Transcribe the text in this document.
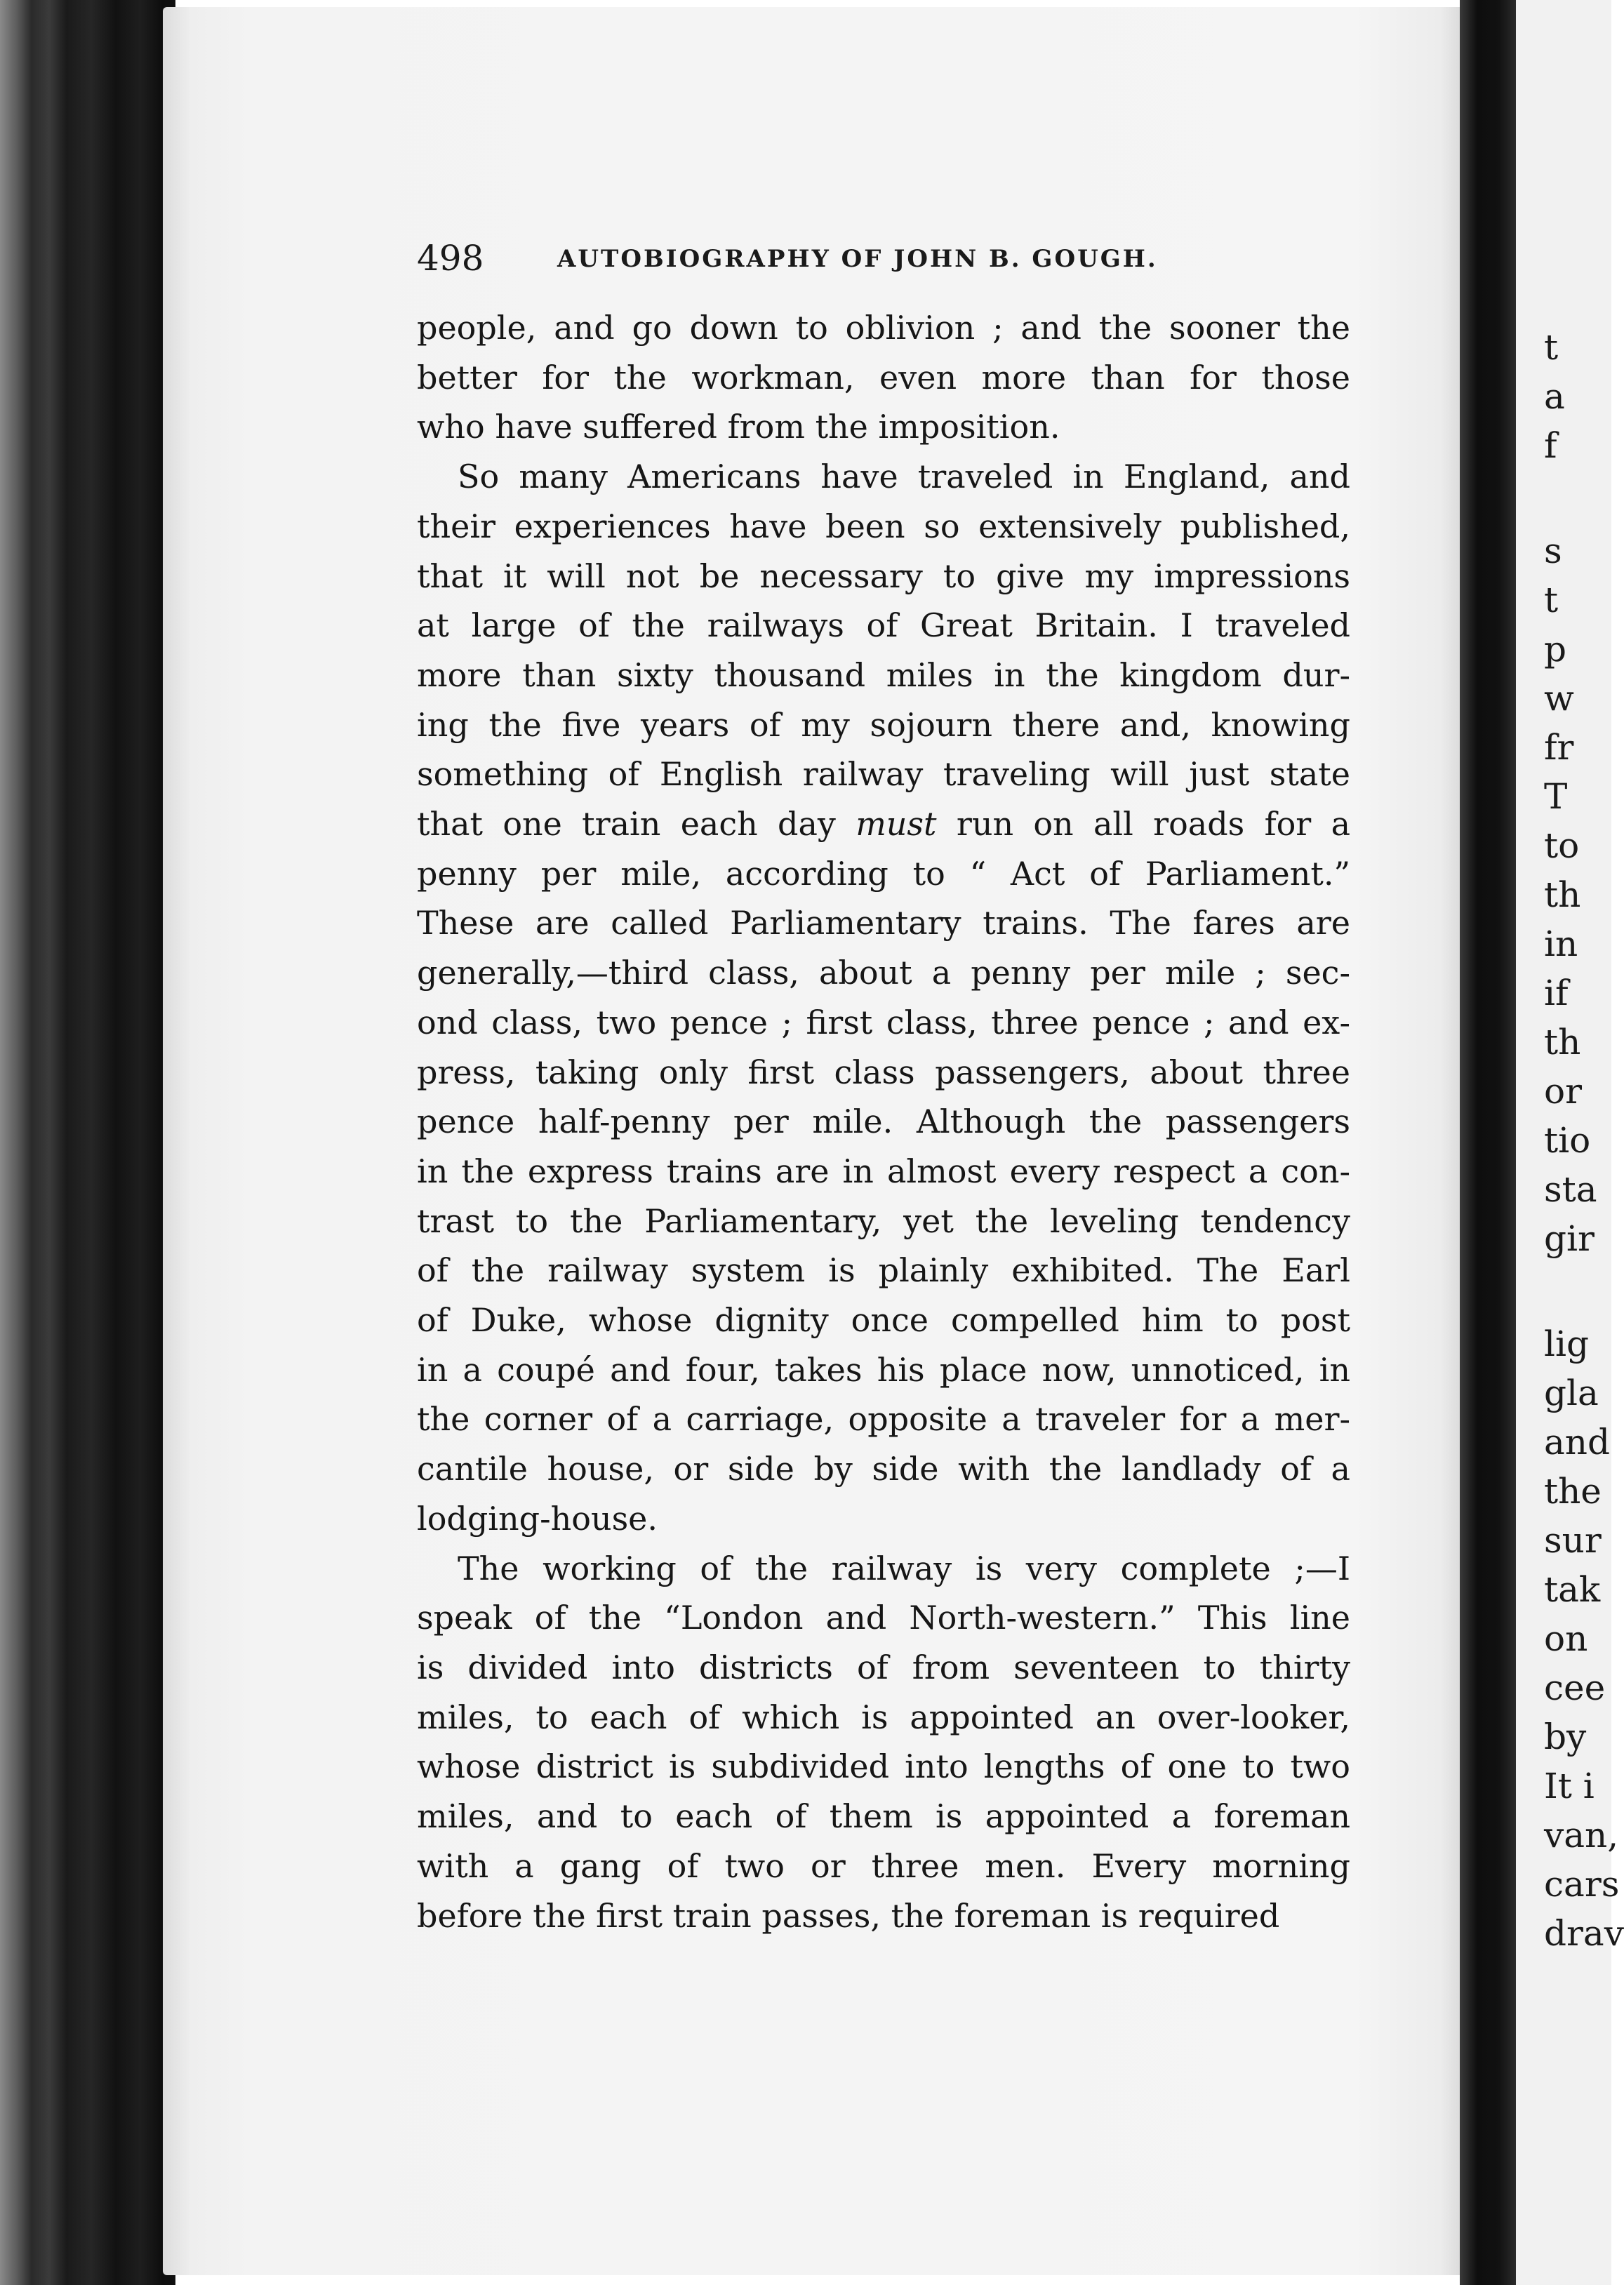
498	AUTOBIOGRAPHY OF JOHN B. GOUGH.

people, and go down to oblivion ; and the sooner the
better for the workman, even more than for those
who have suffered from the imposition.

So many Americans have traveled in England, and
their experiences have been so extensively published,
that it will not be necessary to give my impressions
at large of the railways of Great Britain. I traveled
more than sixty thousand miles in the kingdom dur-
ing the five years of my sojourn there and, knowing
something of English railway traveling will just state
that one train each day must run on all roads for a
penny per mile, according to “ Act of Parliament.”
These are called Parliamentary trains. The fares are
generally,—third class, about a penny per mile ; sec-
ond class, two pence ; first class, three pence ; and ex-
press, taking only first class passengers, about three
pence half-penny per mile. Although the passengers
in the express trains are in almost every respect a con-
trast to the Parliamentary, yet the leveling tendency
of the railway system is plainly exhibited. The Earl
of Duke, whose dignity once compelled him to post
in a coupé and four, takes his place now, unnoticed, in
the corner of a carriage, opposite a traveler for a mer-
cantile house, or side by side with the landlady of a
lodging-house.

The working of the railway is very complete ;—I
speak of the “London and North-western.” This line
is divided into districts of from seventeen to thirty
miles, to each of which is appointed an over-looker,
whose district is subdivided into lengths of one to two
miles, and to each of them is appointed a foreman
with a gang of two or three men. Every morning
before the first train passes, the foreman is required

t
a
f
s
t
p
w
fr
T
to
th
in
if
th
or
tio
sta
gir
lig
gla
and
the
sur
tak
on
cee
by
It i
van,
cars
drav
